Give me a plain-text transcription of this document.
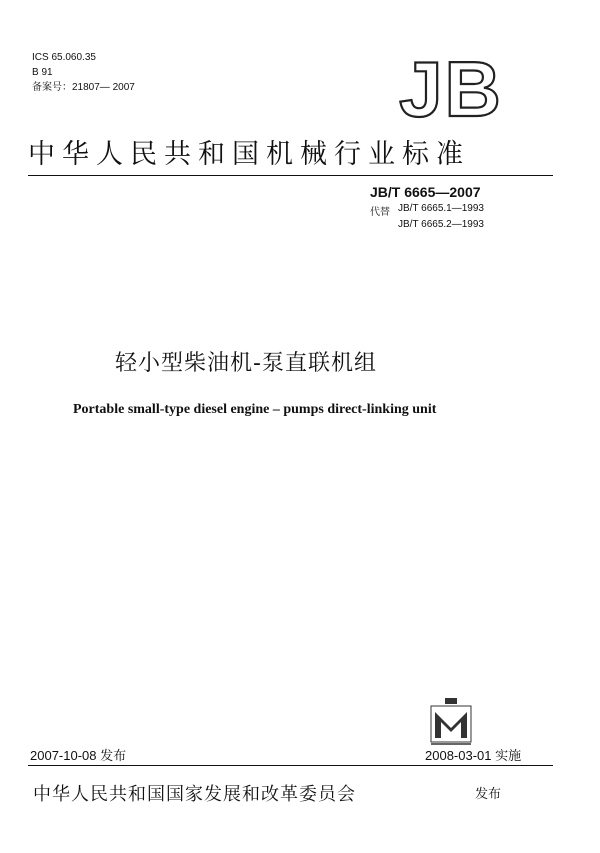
ICS 65.060.35
B 91
备案号：21807— 2007	JB
中华人民共和国机械行业标准
JB/T 6665—2007
代替 JB/T 6665.1—1993
JB/T 6665.2—1993
轻小型柴油机-泵直联机组
Portable small-type diesel engine – pumps direct-linking unit
2007-10-08 发布	2008-03-01 实施
中华人民共和国国家发展和改革委员会	发布
